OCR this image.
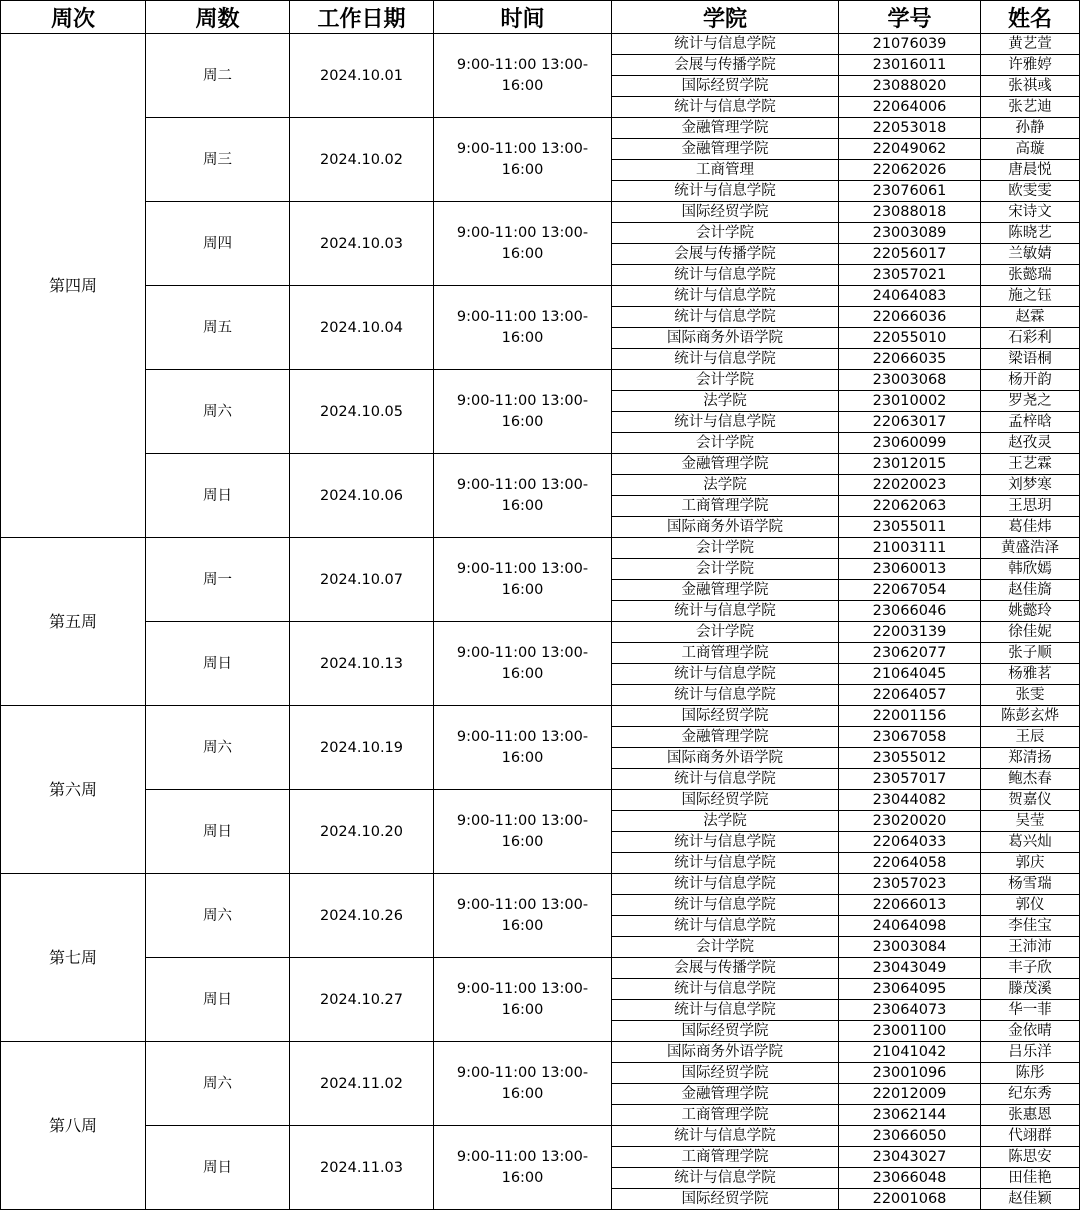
周次	周数	工作日期	时间	学院	学号	姓名
第四周	周二	2024.10.01	9:00-11:00 13:00-16:00	统计与信息学院	21076039	黄艺萱
				会展与传播学院	23016011	许雅婷
				国际经贸学院	23088020	张祺彧
				统计与信息学院	22064006	张艺迪
	周三	2024.10.02	9:00-11:00 13:00-16:00	金融管理学院	22053018	孙静
				金融管理学院	22049062	高璇
				工商管理	22062026	唐晨悦
				统计与信息学院	23076061	欧雯雯
	周四	2024.10.03	9:00-11:00 13:00-16:00	国际经贸学院	23088018	宋诗文
				会计学院	23003089	陈晓艺
				会展与传播学院	22056017	兰敏婧
				统计与信息学院	23057021	张懿瑞
	周五	2024.10.04	9:00-11:00 13:00-16:00	统计与信息学院	24064083	施之钰
				统计与信息学院	22066036	赵霖
				国际商务外语学院	22055010	石彩利
				统计与信息学院	22066035	梁语桐
	周六	2024.10.05	9:00-11:00 13:00-16:00	会计学院	23003068	杨开韵
				法学院	23010002	罗尧之
				统计与信息学院	22063017	孟梓晗
				会计学院	23060099	赵孜灵
	周日	2024.10.06	9:00-11:00 13:00-16:00	金融管理学院	23012015	王艺霖
				法学院	22020023	刘梦寒
				工商管理学院	22062063	王思玥
				国际商务外语学院	23055011	葛佳炜
第五周	周一	2024.10.07	9:00-11:00 13:00-16:00	会计学院	21003111	黄盛浩泽
				会计学院	23060013	韩欣嫣
				金融管理学院	22067054	赵佳旖
				统计与信息学院	23066046	姚懿玲
	周日	2024.10.13	9:00-11:00 13:00-16:00	会计学院	22003139	徐佳妮
				工商管理学院	23062077	张子顺
				统计与信息学院	21064045	杨雅茗
				统计与信息学院	22064057	张雯
第六周	周六	2024.10.19	9:00-11:00 13:00-16:00	国际经贸学院	22001156	陈彭玄烨
				金融管理学院	23067058	王辰
				国际商务外语学院	23055012	郑清扬
				统计与信息学院	23057017	鲍杰春
	周日	2024.10.20	9:00-11:00 13:00-16:00	国际经贸学院	23044082	贺嘉仪
				法学院	23020020	吴莹
				统计与信息学院	22064033	葛兴灿
				统计与信息学院	22064058	郭庆
第七周	周六	2024.10.26	9:00-11:00 13:00-16:00	统计与信息学院	23057023	杨雪瑞
				统计与信息学院	22066013	郭仪
				统计与信息学院	24064098	李佳宝
				会计学院	23003084	王沛沛
	周日	2024.10.27	9:00-11:00 13:00-16:00	会展与传播学院	23043049	丰子欣
				统计与信息学院	23064095	滕茂溪
				统计与信息学院	23064073	华一菲
				国际经贸学院	23001100	金依晴
第八周	周六	2024.11.02	9:00-11:00 13:00-16:00	国际商务外语学院	21041042	吕乐洋
				国际经贸学院	23001096	陈彤
				金融管理学院	22012009	纪东秀
				工商管理学院	23062144	张惠恩
	周日	2024.11.03	9:00-11:00 13:00-16:00	统计与信息学院	23066050	代翊群
				工商管理学院	23043027	陈思安
				统计与信息学院	23066048	田佳艳
				国际经贸学院	22001068	赵佳颖
